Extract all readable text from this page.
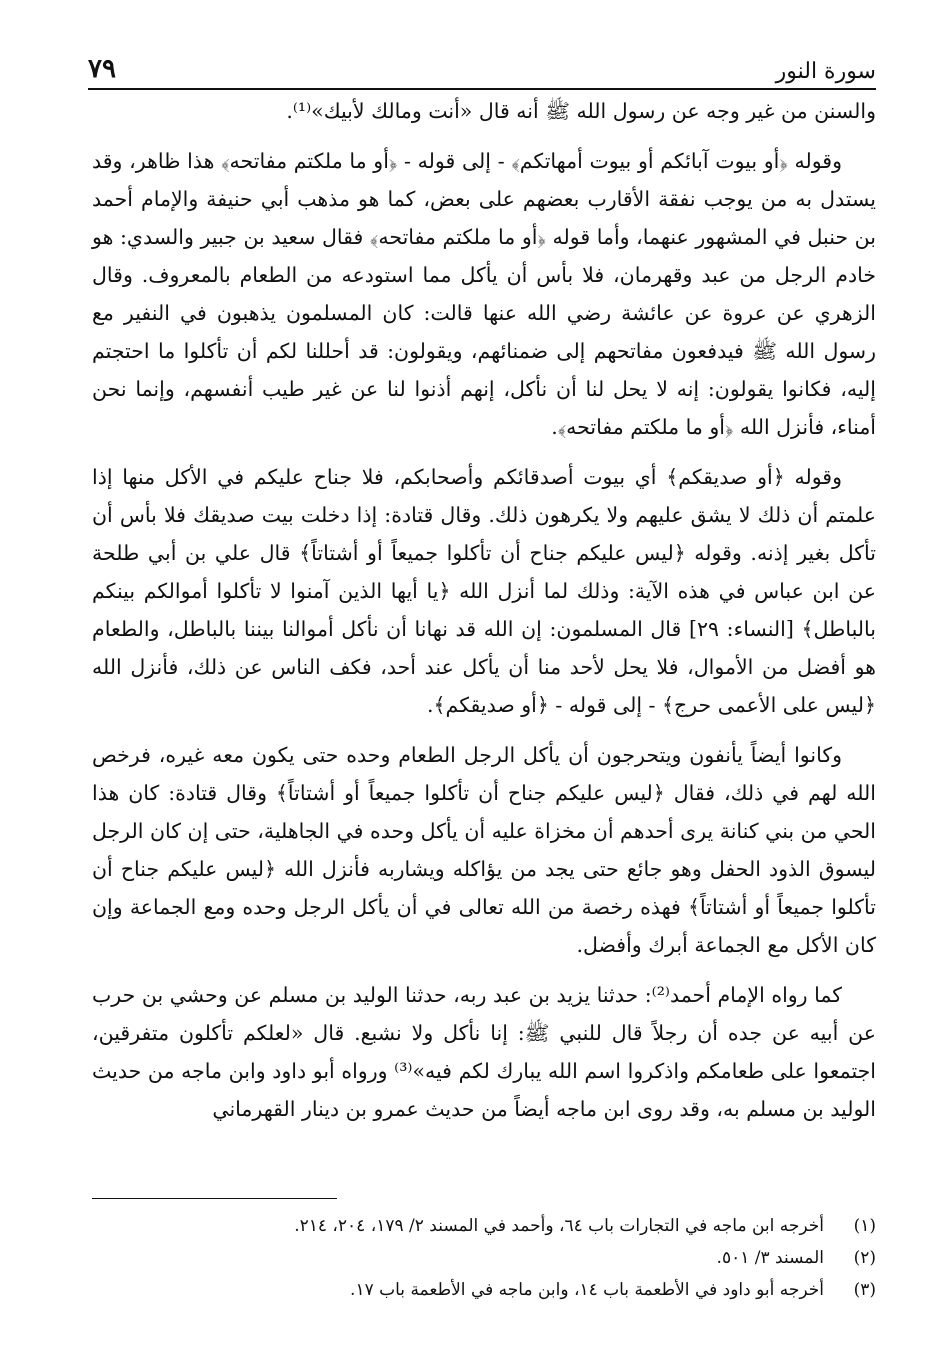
سورة النور
٧٩

والسنن من غير وجه عن رسول الله ﷺ أنه قال «أنت ومالك لأبيك»⁽¹⁾.

وقوله ﴿أو بيوت آبائكم أو بيوت أمهاتكم﴾ - إلى قوله - ﴿أو ما ملكتم مفاتحه﴾ هذا ظاهر، وقد يستدل به من يوجب نفقة الأقارب بعضهم على بعض، كما هو مذهب أبي حنيفة والإمام أحمد بن حنبل في المشهور عنهما، وأما قوله ﴿أو ما ملكتم مفاتحه﴾ فقال سعيد بن جبير والسدي: هو خادم الرجل من عبد وقهرمان، فلا بأس أن يأكل مما استودعه من الطعام بالمعروف. وقال الزهري عن عروة عن عائشة رضي الله عنها قالت: كان المسلمون يذهبون في النفير مع رسول الله ﷺ فيدفعون مفاتحهم إلى ضمنائهم، ويقولون: قد أحللنا لكم أن تأكلوا ما احتجتم إليه، فكانوا يقولون: إنه لا يحل لنا أن نأكل، إنهم أذنوا لنا عن غير طيب أنفسهم، وإنما نحن أمناء، فأنزل الله ﴿أو ما ملكتم مفاتحه﴾.

وقوله ﴿أو صديقكم﴾ أي بيوت أصدقائكم وأصحابكم، فلا جناح عليكم في الأكل منها إذا علمتم أن ذلك لا يشق عليهم ولا يكرهون ذلك. وقال قتادة: إذا دخلت بيت صديقك فلا بأس أن تأكل بغير إذنه. وقوله ﴿ليس عليكم جناح أن تأكلوا جميعاً أو أشتاتاً﴾ قال علي بن أبي طلحة عن ابن عباس في هذه الآية: وذلك لما أنزل الله ﴿يا أيها الذين آمنوا لا تأكلوا أموالكم بينكم بالباطل﴾ [النساء: ٢٩] قال المسلمون: إن الله قد نهانا أن نأكل أموالنا بيننا بالباطل، والطعام هو أفضل من الأموال، فلا يحل لأحد منا أن يأكل عند أحد، فكف الناس عن ذلك، فأنزل الله ﴿ليس على الأعمى حرج﴾ - إلى قوله - ﴿أو صديقكم﴾.

وكانوا أيضاً يأنفون ويتحرجون أن يأكل الرجل الطعام وحده حتى يكون معه غيره، فرخص الله لهم في ذلك، فقال ﴿ليس عليكم جناح أن تأكلوا جميعاً أو أشتاتاً﴾ وقال قتادة: كان هذا الحي من بني كنانة يرى أحدهم أن مخزاة عليه أن يأكل وحده في الجاهلية، حتى إن كان الرجل ليسوق الذود الحفل وهو جائع حتى يجد من يؤاكله ويشاربه فأنزل الله ﴿ليس عليكم جناح أن تأكلوا جميعاً أو أشتاتاً﴾ فهذه رخصة من الله تعالى في أن يأكل الرجل وحده ومع الجماعة وإن كان الأكل مع الجماعة أبرك وأفضل.

كما رواه الإمام أحمد⁽²⁾: حدثنا يزيد بن عبد ربه، حدثنا الوليد بن مسلم عن وحشي بن حرب عن أبيه عن جده أن رجلاً قال للنبي ﷺ: إنا نأكل ولا نشبع. قال «لعلكم تأكلون متفرقين، اجتمعوا على طعامكم واذكروا اسم الله يبارك لكم فيه»⁽³⁾ ورواه أبو داود وابن ماجه من حديث الوليد بن مسلم به، وقد روى ابن ماجه أيضاً من حديث عمرو بن دينار القهرماني

(١)
أخرجه ابن ماجه في التجارات باب ٦٤، وأحمد في المسند ٢/ ١٧٩، ٢٠٤، ٢١٤.
(٢)
المسند ٣/ ٥٠١.
(٣)
أخرجه أبو داود في الأطعمة باب ١٤، وابن ماجه في الأطعمة باب ١٧.
